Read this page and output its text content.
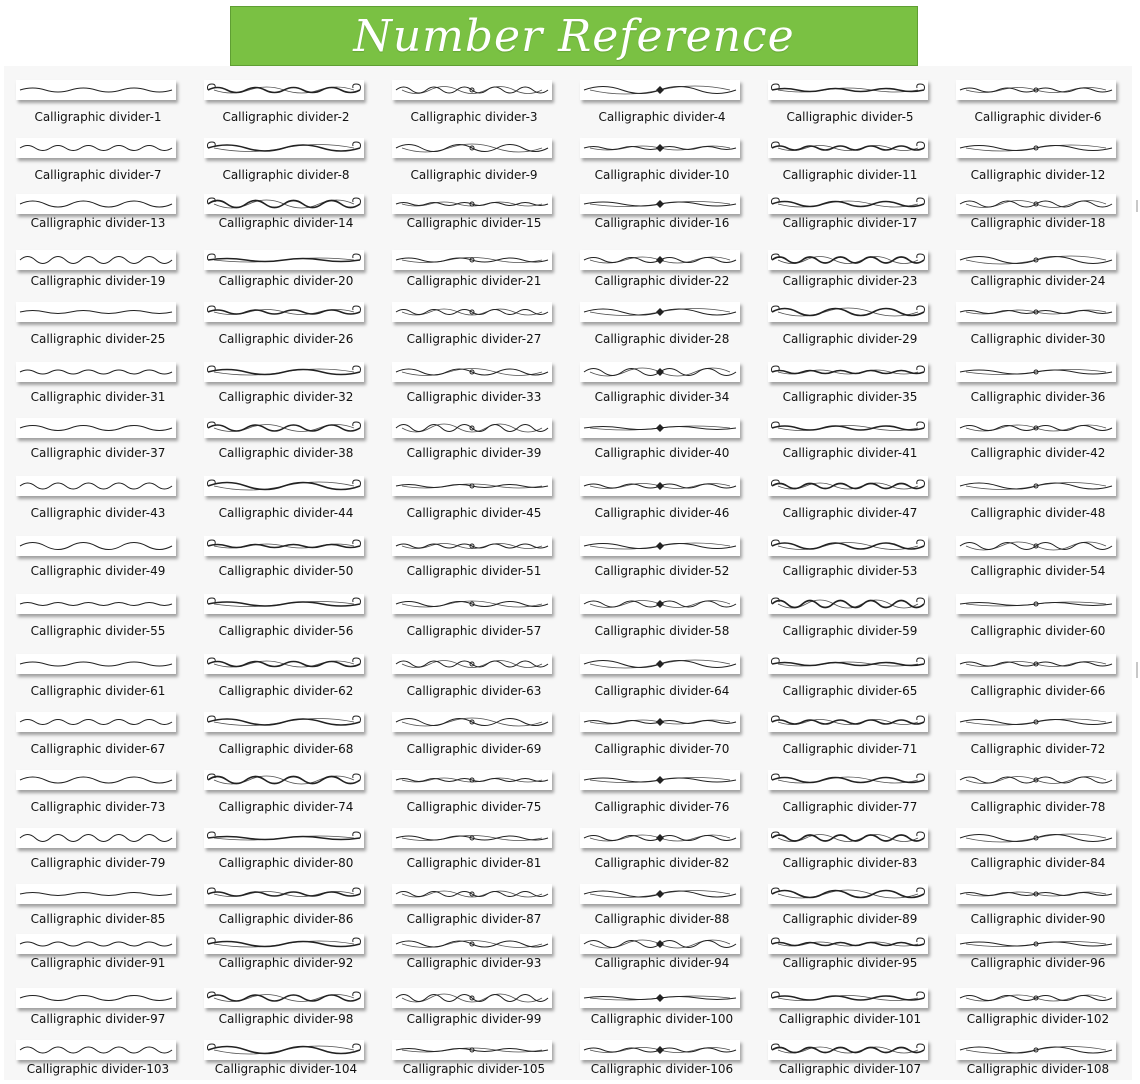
Number Reference
Calligraphic divider-1	Calligraphic divider-2	Calligraphic divider-3	Calligraphic divider-4	Calligraphic divider-5	Calligraphic divider-6
Calligraphic divider-7	Calligraphic divider-8	Calligraphic divider-9	Calligraphic divider-10	Calligraphic divider-11	Calligraphic divider-12
Calligraphic divider-13	Calligraphic divider-14	Calligraphic divider-15	Calligraphic divider-16	Calligraphic divider-17	Calligraphic divider-18
Calligraphic divider-19	Calligraphic divider-20	Calligraphic divider-21	Calligraphic divider-22	Calligraphic divider-23	Calligraphic divider-24
Calligraphic divider-25	Calligraphic divider-26	Calligraphic divider-27	Calligraphic divider-28	Calligraphic divider-29	Calligraphic divider-30
Calligraphic divider-31	Calligraphic divider-32	Calligraphic divider-33	Calligraphic divider-34	Calligraphic divider-35	Calligraphic divider-36
Calligraphic divider-37	Calligraphic divider-38	Calligraphic divider-39	Calligraphic divider-40	Calligraphic divider-41	Calligraphic divider-42
Calligraphic divider-43	Calligraphic divider-44	Calligraphic divider-45	Calligraphic divider-46	Calligraphic divider-47	Calligraphic divider-48
Calligraphic divider-49	Calligraphic divider-50	Calligraphic divider-51	Calligraphic divider-52	Calligraphic divider-53	Calligraphic divider-54
Calligraphic divider-55	Calligraphic divider-56	Calligraphic divider-57	Calligraphic divider-58	Calligraphic divider-59	Calligraphic divider-60
Calligraphic divider-61	Calligraphic divider-62	Calligraphic divider-63	Calligraphic divider-64	Calligraphic divider-65	Calligraphic divider-66
Calligraphic divider-67	Calligraphic divider-68	Calligraphic divider-69	Calligraphic divider-70	Calligraphic divider-71	Calligraphic divider-72
Calligraphic divider-73	Calligraphic divider-74	Calligraphic divider-75	Calligraphic divider-76	Calligraphic divider-77	Calligraphic divider-78
Calligraphic divider-79	Calligraphic divider-80	Calligraphic divider-81	Calligraphic divider-82	Calligraphic divider-83	Calligraphic divider-84
Calligraphic divider-85	Calligraphic divider-86	Calligraphic divider-87	Calligraphic divider-88	Calligraphic divider-89	Calligraphic divider-90
Calligraphic divider-91	Calligraphic divider-92	Calligraphic divider-93	Calligraphic divider-94	Calligraphic divider-95	Calligraphic divider-96
Calligraphic divider-97	Calligraphic divider-98	Calligraphic divider-99	Calligraphic divider-100	Calligraphic divider-101	Calligraphic divider-102
Calligraphic divider-103	Calligraphic divider-104	Calligraphic divider-105	Calligraphic divider-106	Calligraphic divider-107	Calligraphic divider-108
